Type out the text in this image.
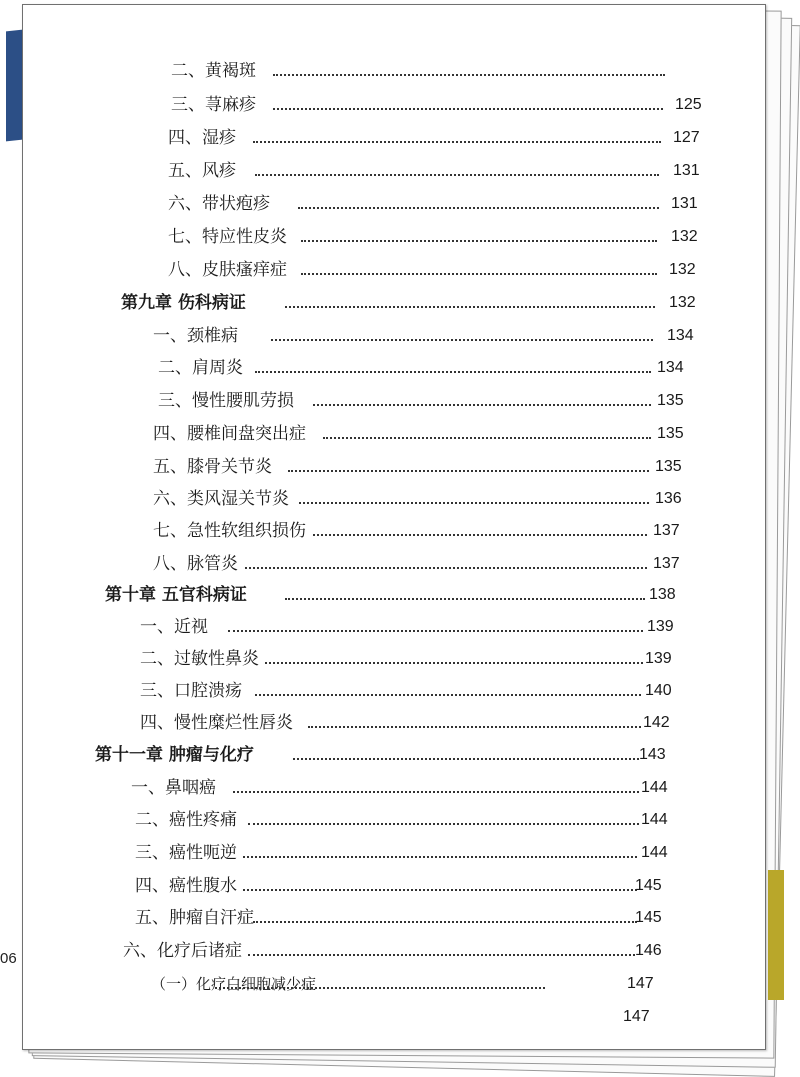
二、黄褐斑
三、荨麻疹	125
四、湿疹	127
五、风疹	131
六、带状疱疹	131
七、特应性皮炎	132
八、皮肤瘙痒症	132
第九章 伤科病证	132
一、颈椎病	134
二、肩周炎	134
三、慢性腰肌劳损	135
四、腰椎间盘突出症	135
五、膝骨关节炎	135
六、类风湿关节炎	136
七、急性软组织损伤	137
八、脉管炎	137
第十章 五官科病证	138
一、近视	139
二、过敏性鼻炎	139
三、口腔溃疡	140
四、慢性糜烂性唇炎	142
第十一章 肿瘤与化疗	143
一、鼻咽癌	144
二、癌性疼痛	144
三、癌性呃逆	144
四、癌性腹水	145
五、肿瘤自汗症	145
六、化疗后诸症	146
（一）化疗白细胞减少症	147
147
06
